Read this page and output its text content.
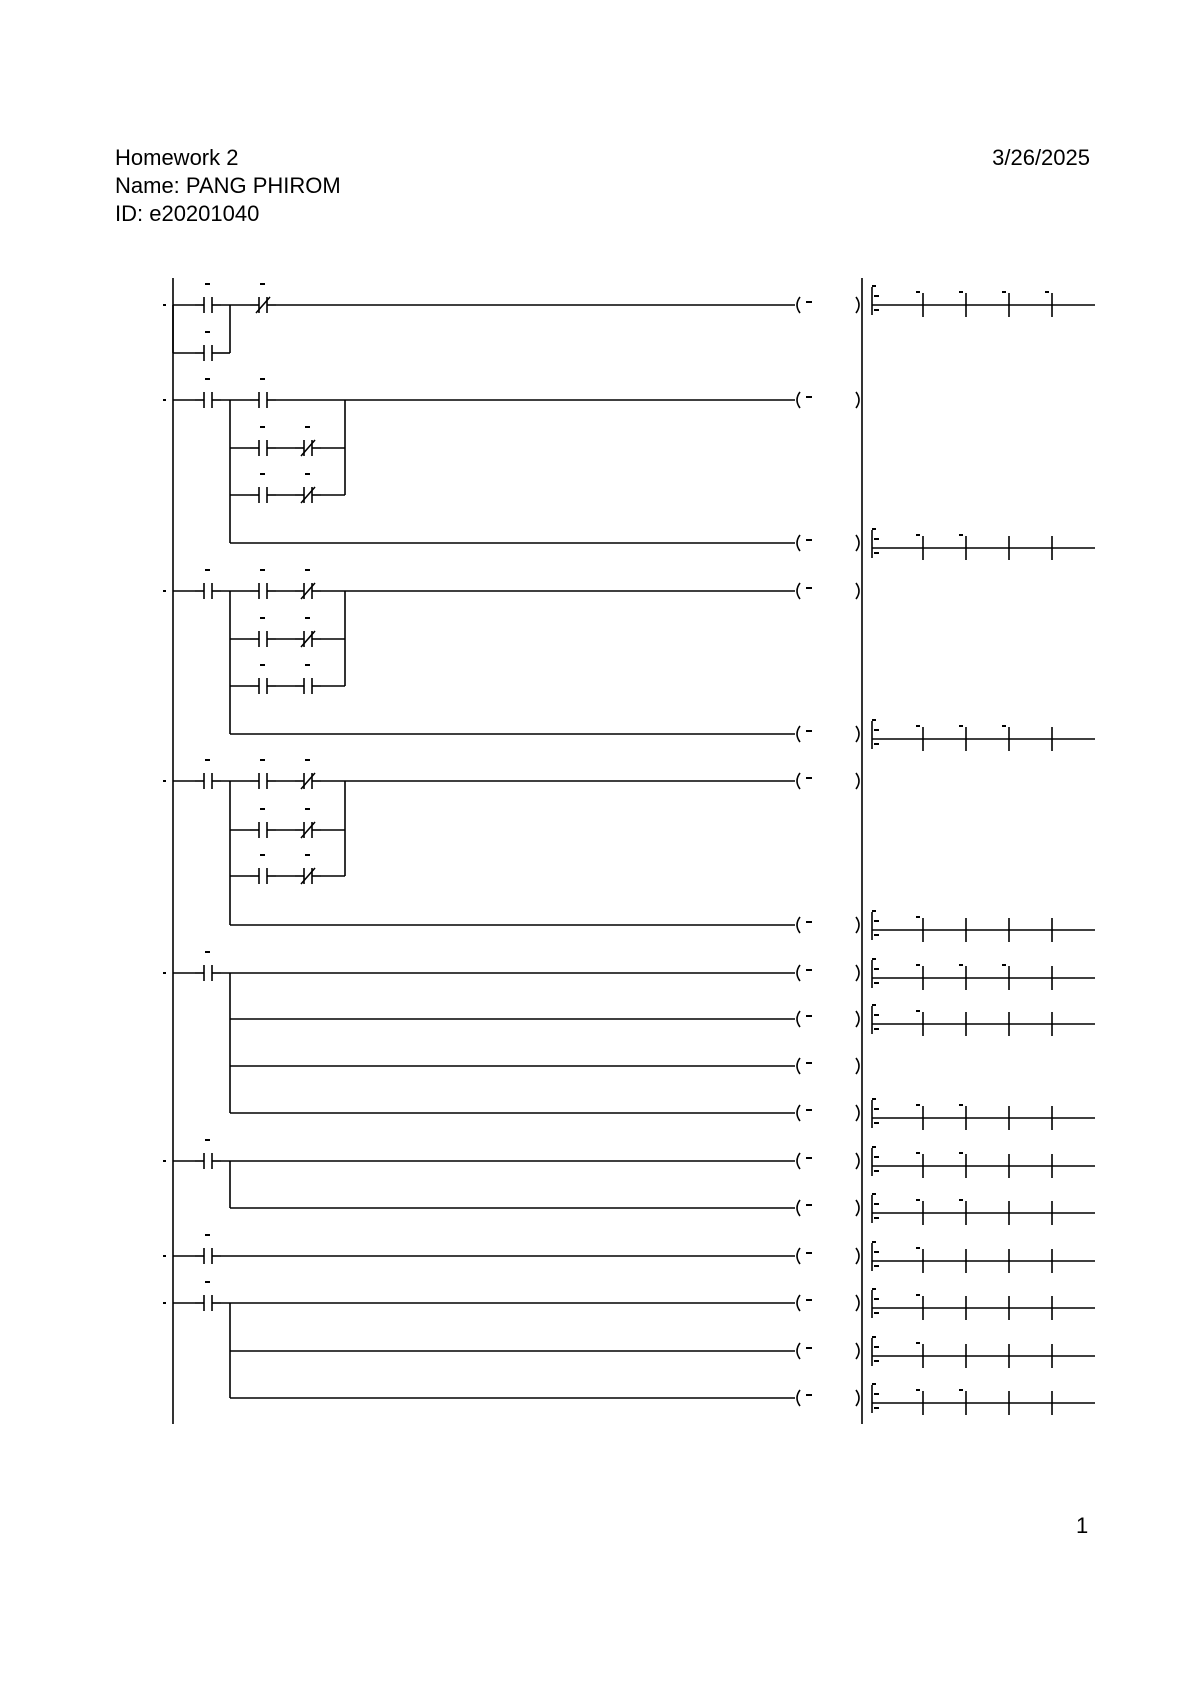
Homework 2
Name: PANG PHIROM
ID: e20201040
3/26/2025
1
